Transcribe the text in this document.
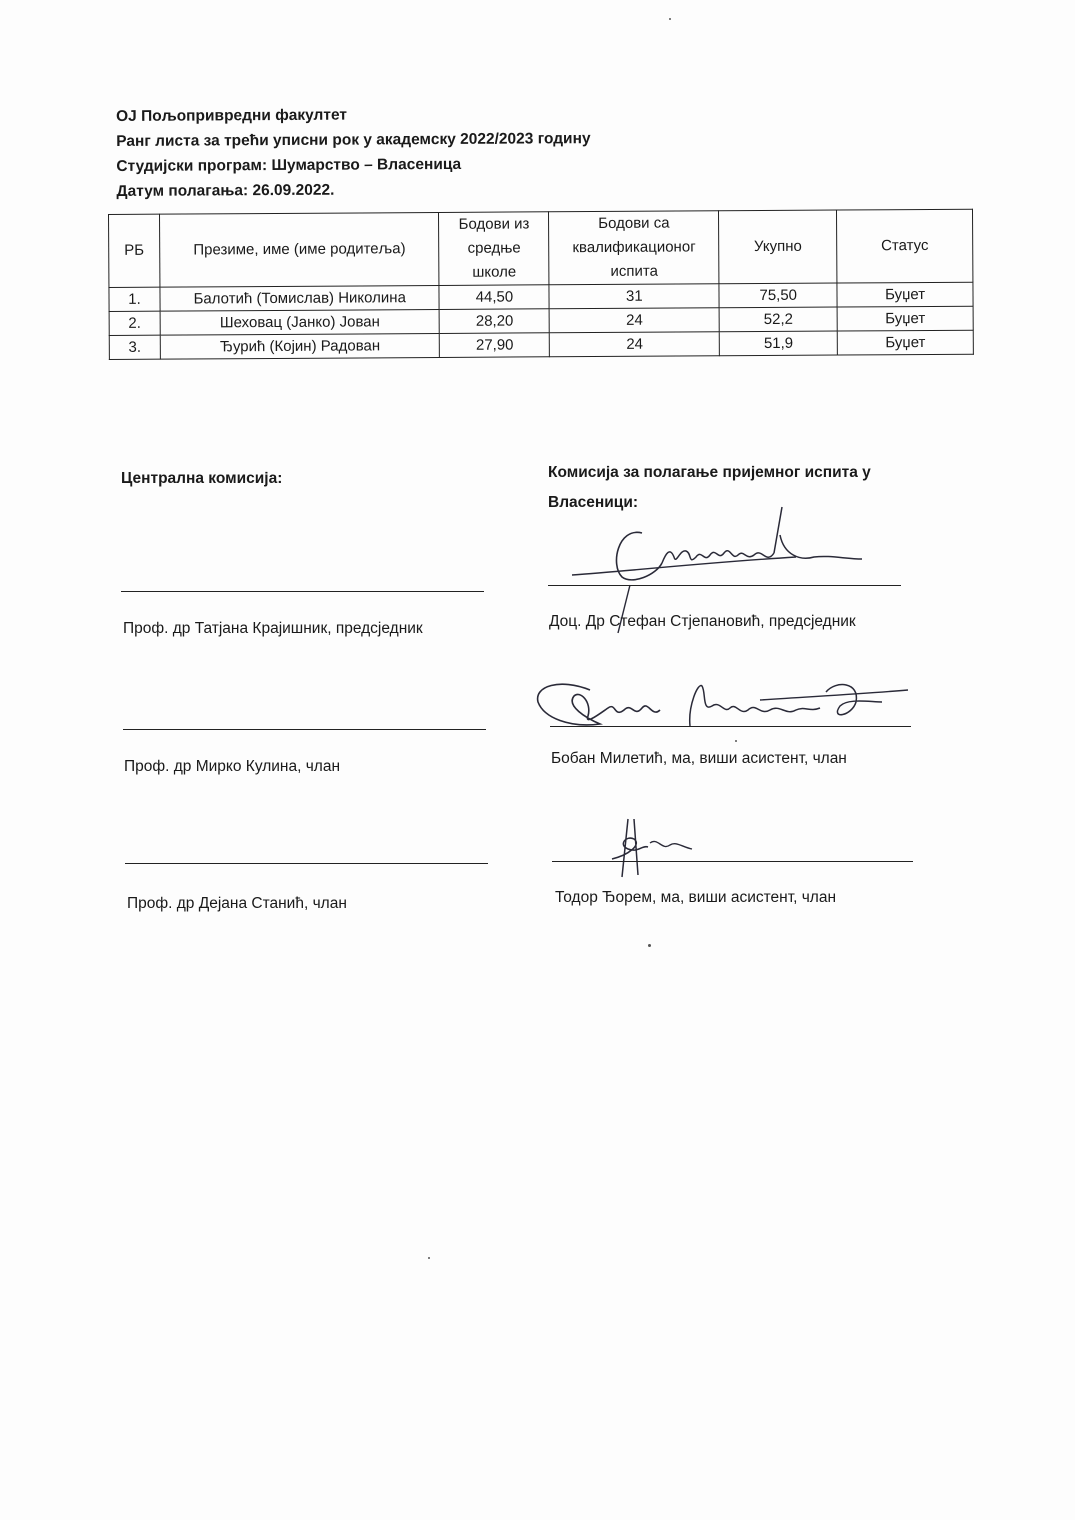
ОЈ Пољопривредни факултет
Ранг листа за трећи уписни рок у академску 2022/2023 годину
Студијски програм: Шумарство – Власеница
Датум полагања: 26.09.2022.
РБ	Презиме, име (име родитеља)	Бодови из средње школе	Бодови са квалификационог испита	Укупно	Статус
1.	Балотић (Томислав) Николина	44,50	31	75,50	Буџет
2.	Шеховац (Јанко) Јован	28,20	24	52,2	Буџет
3.	Ђурић (Којин) Радован	27,90	24	51,9	Буџет
Централна комисија:
Проф. др Татјана Крајишник, предсједник
Проф. др Мирко Кулина, члан
Проф. др Дејана Станић, члан
Комисија за полагање пријемног испита у Власеници:
Доц. Др Стефан Стјепановић, предсједник
Бобан Милетић, ма, виши асистент, члан
Тодор Ђорем, ма, виши асистент, члан
